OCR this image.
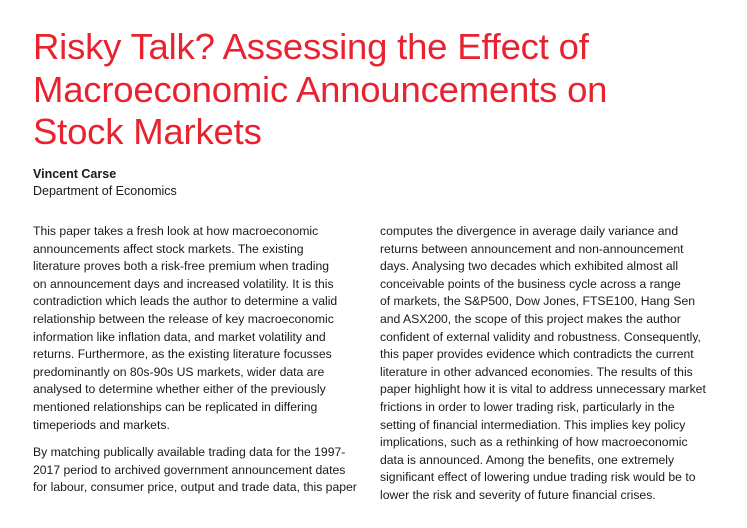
Risky Talk? Assessing the Effect of
Macroeconomic Announcements on
Stock Markets
Vincent Carse
Department of Economics

This paper takes a fresh look at how macroeconomic
announcements affect stock markets. The existing
literature proves both a risk-free premium when trading
on announcement days and increased volatility. It is this
contradiction which leads the author to determine a valid
relationship between the release of key macroeconomic
information like inflation data, and market volatility and
returns. Furthermore, as the existing literature focusses
predominantly on 80s-90s US markets, wider data are
analysed to determine whether either of the previously
mentioned relationships can be replicated in differing
timeperiods and markets.

By matching publically available trading data for the 1997-
2017 period to archived government announcement dates
for labour, consumer price, output and trade data, this paper

computes the divergence in average daily variance and
returns between announcement and non-announcement
days. Analysing two decades which exhibited almost all
conceivable points of the business cycle across a range
of markets, the S&P500, Dow Jones, FTSE100, Hang Sen
and ASX200, the scope of this project makes the author
confident of external validity and robustness. Consequently,
this paper provides evidence which contradicts the current
literature in other advanced economies. The results of this
paper highlight how it is vital to address unnecessary market
frictions in order to lower trading risk, particularly in the
setting of financial intermediation. This implies key policy
implications, such as a rethinking of how macroeconomic
data is announced. Among the benefits, one extremely
significant effect of lowering undue trading risk would be to
lower the risk and severity of future financial crises.
